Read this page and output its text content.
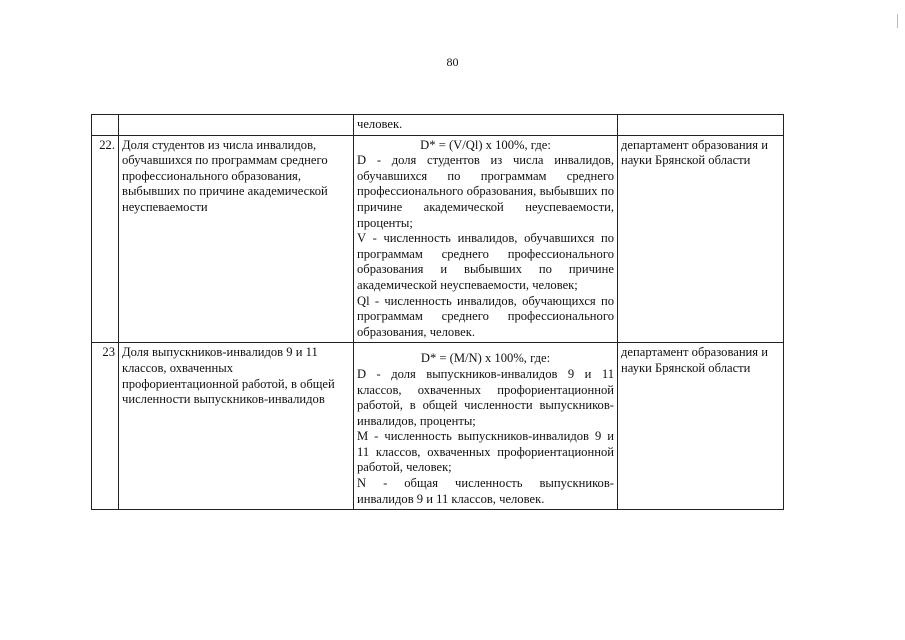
80

		человек.	

22.	Доля студентов из числа инвалидов, обучавшихся по программам среднего профессионального образования, выбывших по причине академической неуспеваемости	D* = (V/Ql) х 100%, где:
D - доля студентов из числа инвалидов, обучавшихся по программам среднего профессионального образования, выбывших по причине академической неуспеваемости, проценты;
V - численность инвалидов, обучавшихся по программам среднего профессионального образования и выбывших по причине академической неуспеваемости, человек;
Ql - численность инвалидов, обучающихся по программам среднего профессионального образования, человек.	департамент образования и науки Брянской области
23	Доля выпускников-инвалидов 9 и 11 классов, охваченных профориентационной работой, в общей численности выпускников-инвалидов	D* = (M/N) х 100%, где:
D - доля выпускников-инвалидов 9 и 11 классов, охваченных профориентационной работой, в общей численности выпускников-инвалидов, проценты;
M - численность выпускников-инвалидов 9 и 11 классов, охваченных профориентационной работой, человек;
N - общая численность выпускников-инвалидов 9 и 11 классов, человек.	департамент образования и науки Брянской области
